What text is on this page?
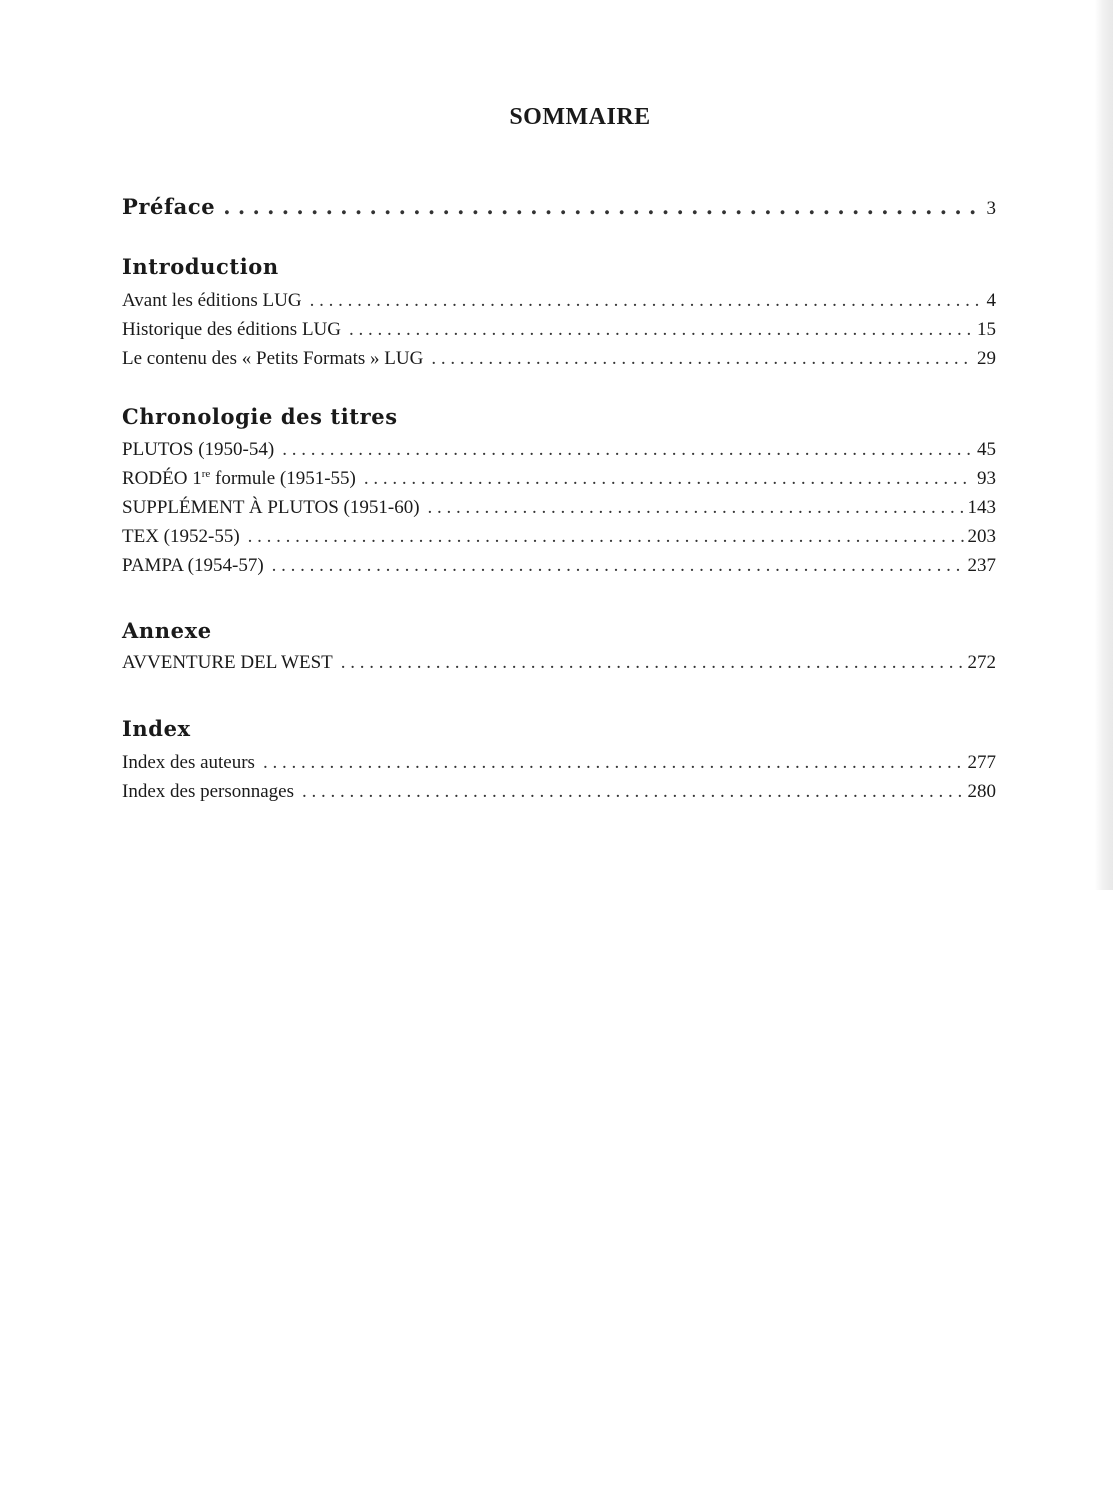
SOMMAIRE
Préface . . .	3
Introduction
Avant les éditions LUG . . .	4
Historique des éditions LUG . . .	15
Le contenu des « Petits Formats » LUG . . .	29
Chronologie des titres
PLUTOS (1950-54) . . .	45
RODÉO 1re formule (1951-55) . . .	93
SUPPLÉMENT À PLUTOS (1951-60) . . .	143
TEX (1952-55) . . .	203
PAMPA (1954-57) . . .	237
Annexe
AVVENTURE DEL WEST . . .	272
Index
Index des auteurs . . .	277
Index des personnages . . .	280
